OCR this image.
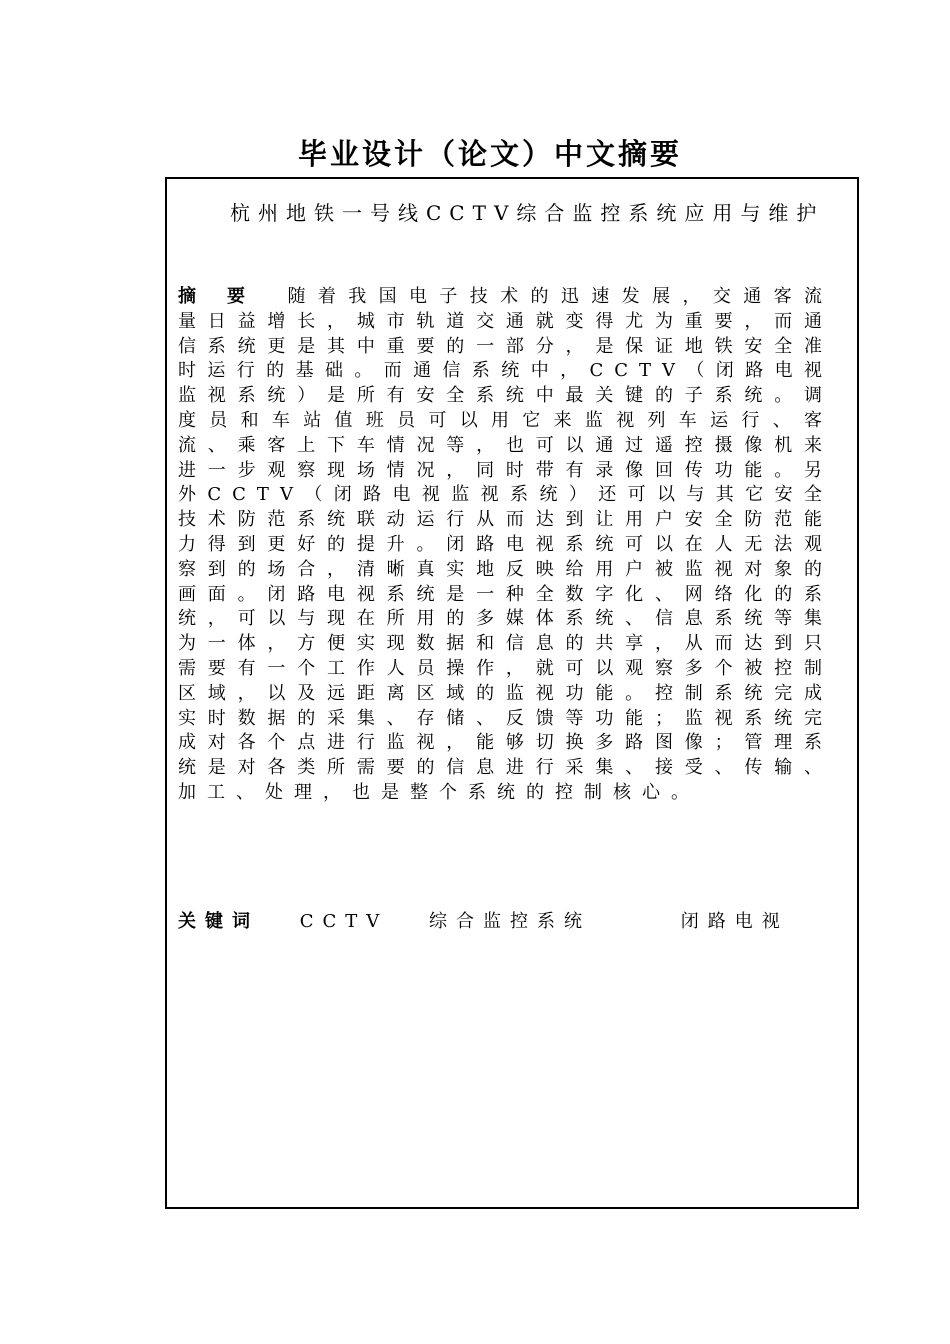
毕业设计（论文）中文摘要
杭州地铁一号线CCTV综合监控系统应用与维护
摘 要 随着我国电子技术的迅速发展，交通客流量日益增长，城市轨道交通就变得尤为重要，而通信系统更是其中重要的一部分，是保证地铁安全准时运行的基础。而通信系统中，CCTV（闭路电视监视系统）是所有安全系统中最关键的子系统。调度员和车站值班员可以用它来监视列车运行、客流、乘客上下车情况等，也可以通过遥控摄像机来进一步观察现场情况，同时带有录像回传功能。另外CCTV（闭路电视监视系统）还可以与其它安全技术防范系统联动运行从而达到让用户安全防范能力得到更好的提升。闭路电视系统可以在人无法观察到的场合，清晰真实地反映给用户被监视对象的画面。闭路电视系统是一种全数字化、网络化的系统，可以与现在所用的多媒体系统、信息系统等集为一体，方便实现数据和信息的共享，从而达到只需要有一个工作人员操作，就可以观察多个被控制区域，以及远距离区域的监视功能。控制系统完成实时数据的采集、存储、反馈等功能；监视系统完成对各个点进行监视，能够切换多路图像；管理系统是对各类所需要的信息进行采集、接受、传输、加工、处理，也是整个系统的控制核心。
关键词 CCTV 综合监控系统	闭路电视
